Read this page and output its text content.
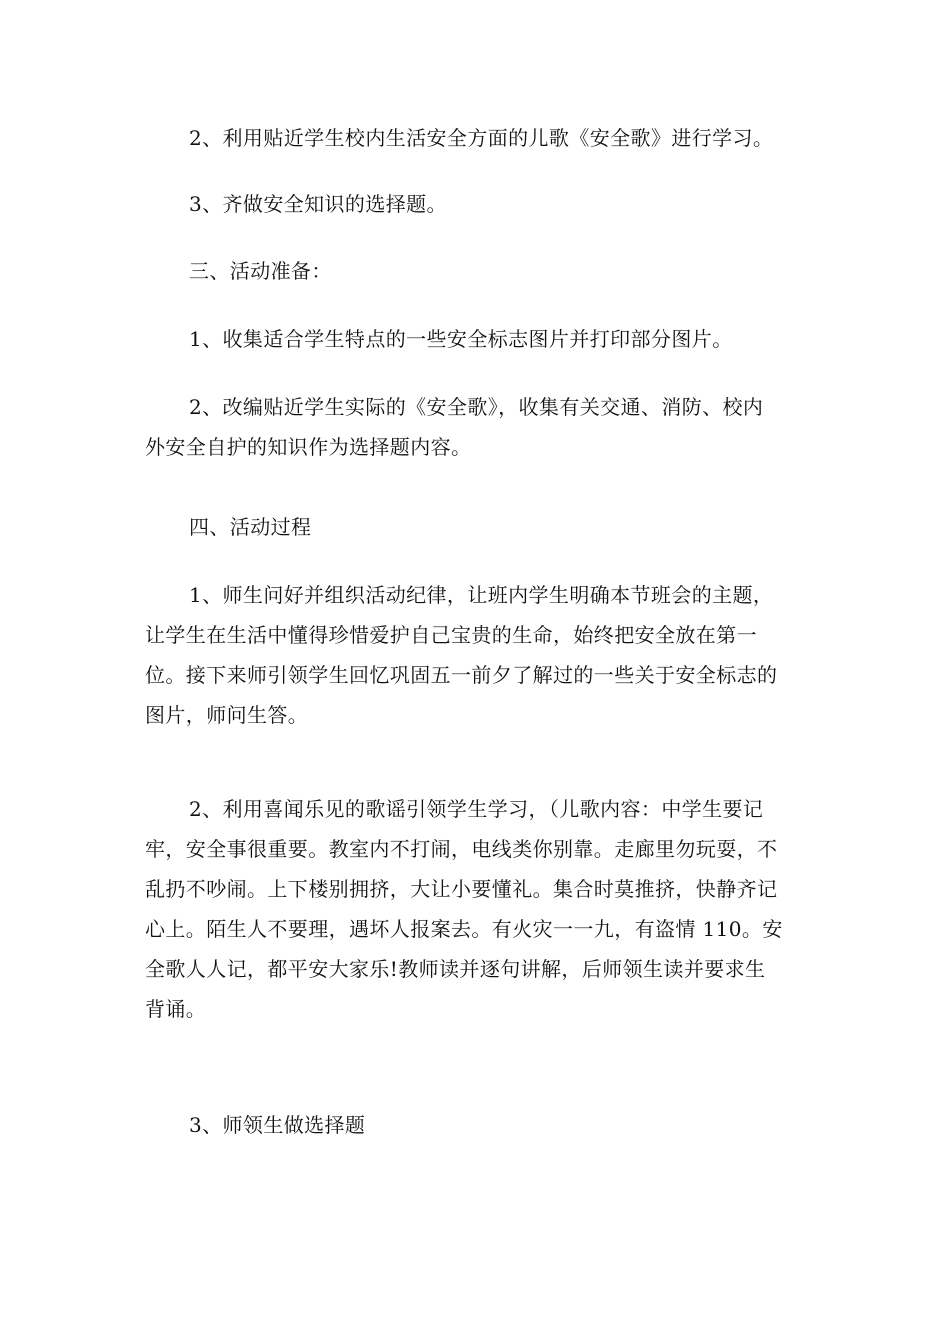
2、利用贴近学生校内生活安全方面的儿歌《安全歌》进行学习。
3、齐做安全知识的选择题。
三、活动准备：
1、收集适合学生特点的一些安全标志图片并打印部分图片。
2、改编贴近学生实际的《安全歌》，收集有关交通、消防、校内
外安全自护的知识作为选择题内容。
四、活动过程
1、师生问好并组织活动纪律，让班内学生明确本节班会的主题，
让学生在生活中懂得珍惜爱护自己宝贵的生命，始终把安全放在第一
位。接下来师引领学生回忆巩固五一前夕了解过的一些关于安全标志的
图片，师问生答。
2、利用喜闻乐见的歌谣引领学生学习，（儿歌内容：中学生要记
牢，安全事很重要。教室内不打闹，电线类你别靠。走廊里勿玩耍，不
乱扔不吵闹。上下楼别拥挤，大让小要懂礼。集合时莫推挤，快静齐记
心上。陌生人不要理，遇坏人报案去。有火灾一一九，有盗情 110。安
全歌人人记，都平安大家乐!教师读并逐句讲解，后师领生读并要求生
背诵。
3、师领生做选择题
